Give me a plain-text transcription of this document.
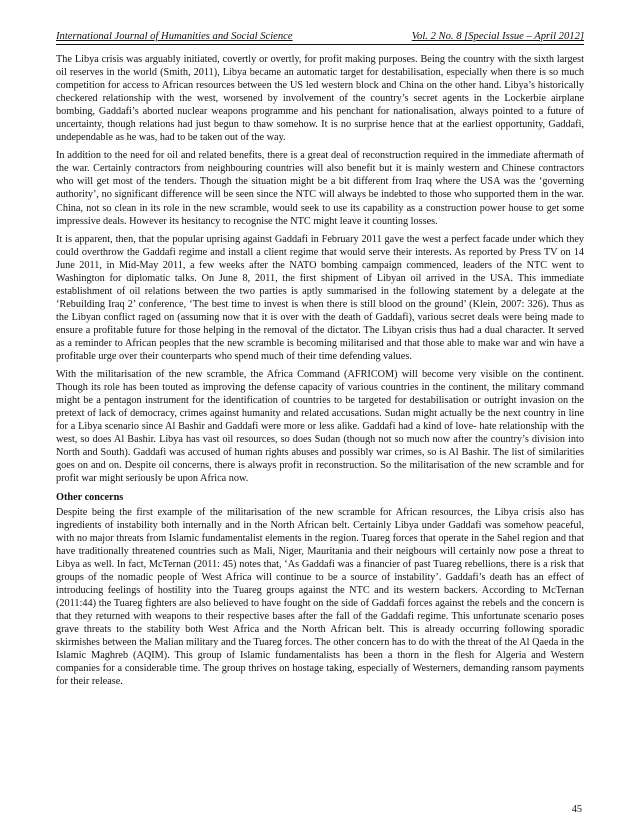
International Journal of Humanities and Social Science	Vol. 2 No. 8 [Special Issue – April 2012]

The Libya crisis was arguably initiated, covertly or overtly, for profit making purposes. Being the country with the sixth largest oil reserves in the world (Smith, 2011), Libya became an automatic target for destabilisation, especially when there is so much competition for access to African resources between the US led western block and China on the other hand. Libya’s historically checkered relationship with the west, worsened by involvement of the country’s secret agents in the Lockerbie airplane bombing, Gaddafi’s aborted nuclear weapons programme and his penchant for nationalisation, always pointed to a future of uncertainty, though relations had just begun to thaw somehow. It is no surprise hence that at the earliest opportunity, Gaddafi, undependable as he was, had to be taken out of the way.

In addition to the need for oil and related benefits, there is a great deal of reconstruction required in the immediate aftermath of the war. Certainly contractors from neighbouring countries will also benefit but it is mainly western and Chinese contractors who will get most of the tenders. Though the situation might be a bit different from Iraq where the USA was the ‘governing authority’, no significant difference will be seen since the NTC will always be indebted to those who supported them in the war. China, not so clean in its role in the new scramble, would seek to use its capability as a construction power house to get some impressive deals. However its hesitancy to recognise the NTC might leave it counting losses.

It is apparent, then, that the popular uprising against Gaddafi in February 2011 gave the west a perfect facade under which they could overthrow the Gaddafi regime and install a client regime that would serve their interests. As reported by Press TV on 14 June 2011, in Mid-May 2011, a few weeks after the NATO bombing campaign commenced, leaders of the NTC went to Washington for diplomatic talks. On June 8, 2011, the first shipment of Libyan oil arrived in the USA. This immediate establishment of oil relations between the two parties is aptly summarised in the following statement by a delegate at the ‘Rebuilding Iraq 2’ conference, ‘The best time to invest is when there is still blood on the ground’ (Klein, 2007: 326). Thus as the Libyan conflict raged on (assuming now that it is over with the death of Gaddafi), various secret deals were being made to ensure a profitable future for those helping in the removal of the dictator. The Libyan crisis thus had a dual character. It served as a reminder to African peoples that the new scramble is becoming militarised and that those able to make war and win have a profitable urge over their counterparts who spend much of their time defending values.

With the militarisation of the new scramble, the Africa Command (AFRICOM) will become very visible on the continent. Though its role has been touted as improving the defense capacity of various countries in the continent, the military command might be a pentagon instrument for the identification of countries to be targeted for destabilisation or outright invasion on the pretext of lack of democracy, crimes against humanity and related accusations. Sudan might actually be the next country in line for a Libya scenario since Al Bashir and Gaddafi were more or less alike. Gaddafi had a kind of love- hate relationship with the west, so does Al Bashir. Libya has vast oil resources, so does Sudan (though not so much now after the country’s division into North and South). Gaddafi was accused of human rights abuses and possibly war crimes, so is Al Bashir. The list of similarities goes on and on. Despite oil concerns, there is always profit in reconstruction. So the militarisation of the new scramble and for profit war might seriously be upon Africa now.

Other concerns

Despite being the first example of the militarisation of the new scramble for African resources, the Libya crisis also has ingredients of instability both internally and in the North African belt. Certainly Libya under Gaddafi was somehow peaceful, with no major threats from Islamic fundamentalist elements in the region. Tuareg forces that operate in the Sahel region and that have traditionally threatened countries such as Mali, Niger, Mauritania and their neigbours will certainly now pose a threat to Libya as well. In fact, McTernan (2011: 45) notes that, ‘As Gaddafi was a financier of past Tuareg rebellions, there is a risk that groups of the nomadic people of West Africa will continue to be a source of instability’. Gaddafi’s death has an effect of introducing feelings of hostility into the Tuareg groups against the NTC and its western backers. According to McTernan (2011:44) the Tuareg fighters are also believed to have fought on the side of Gaddafi forces against the rebels and the concern is that they returned with weapons to their respective bases after the fall of the Gaddafi regime. This unfortunate scenario poses grave threats to the stability both West Africa and the North African belt. This is already occurring following sporadic skirmishes between the Malian military and the Tuareg forces. The other concern has to do with the threat of the Al Qaeda in the Islamic Maghreb (AQIM). This group of Islamic fundamentalists has been a thorn in the flesh for Algeria and Western companies for a considerable time. The group thrives on hostage taking, especially of Westerners, demanding ransom payments for their release.

45
